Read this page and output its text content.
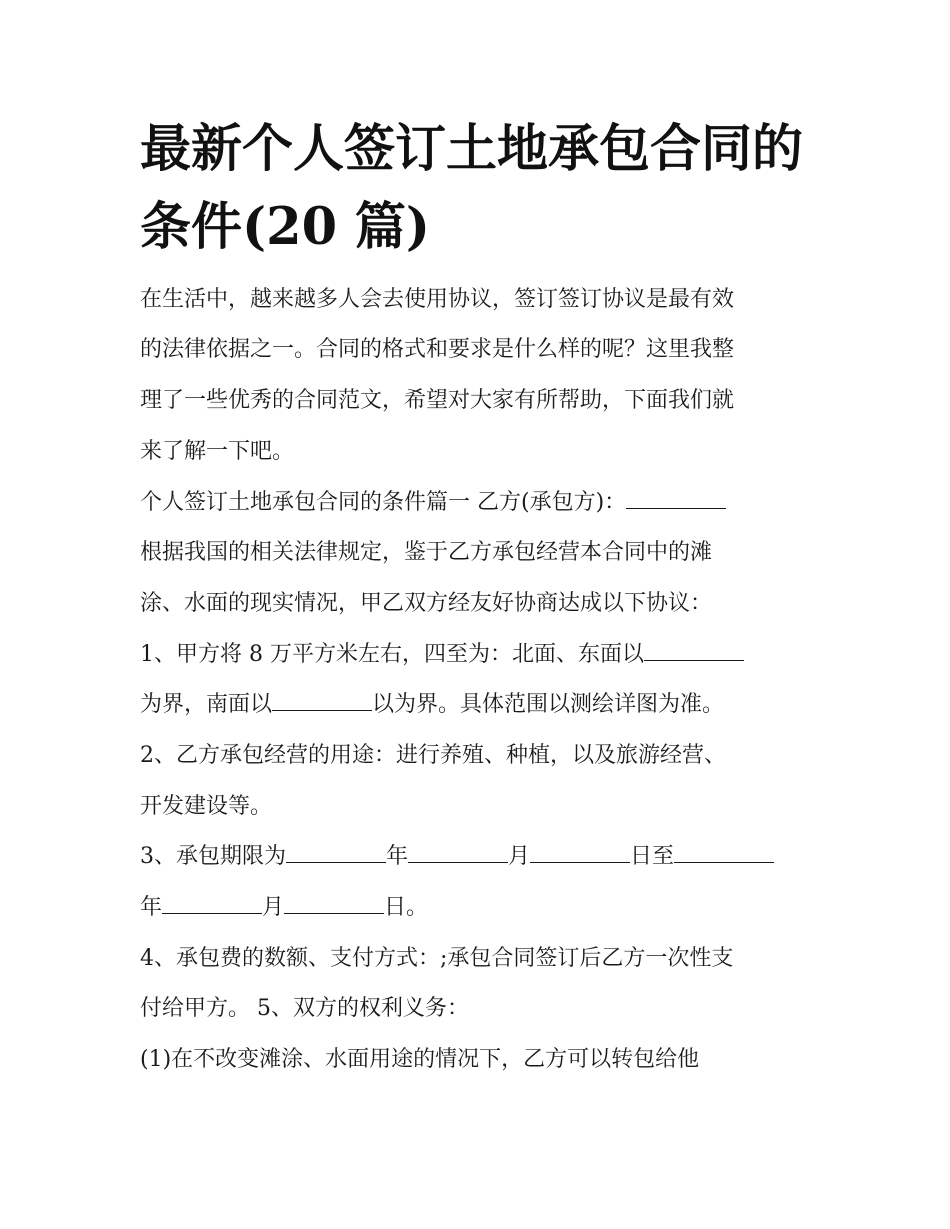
最新个人签订土地承包合同的
条件(20 篇)
在生活中，越来越多人会去使用协议，签订签订协议是最有效
的法律依据之一。合同的格式和要求是什么样的呢？这里我整
理了一些优秀的合同范文，希望对大家有所帮助，下面我们就
来了解一下吧。
个人签订土地承包合同的条件篇一 乙方(承包方)：
根据我国的相关法律规定，鉴于乙方承包经营本合同中的滩
涂、水面的现实情况，甲乙双方经友好协商达成以下协议：
1、甲方将 8 万平方米左右，四至为：北面、东面以
为界，南面以	以为界。具体范围以测绘详图为准。
2、乙方承包经营的用途：进行养殖、种植，以及旅游经营、
开发建设等。
3、承包期限为	年	月	日至
年	月	日。
4、承包费的数额、支付方式：;承包合同签订后乙方一次性支
付给甲方。 5、双方的权利义务：
(1)在不改变滩涂、水面用途的情况下，乙方可以转包给他
